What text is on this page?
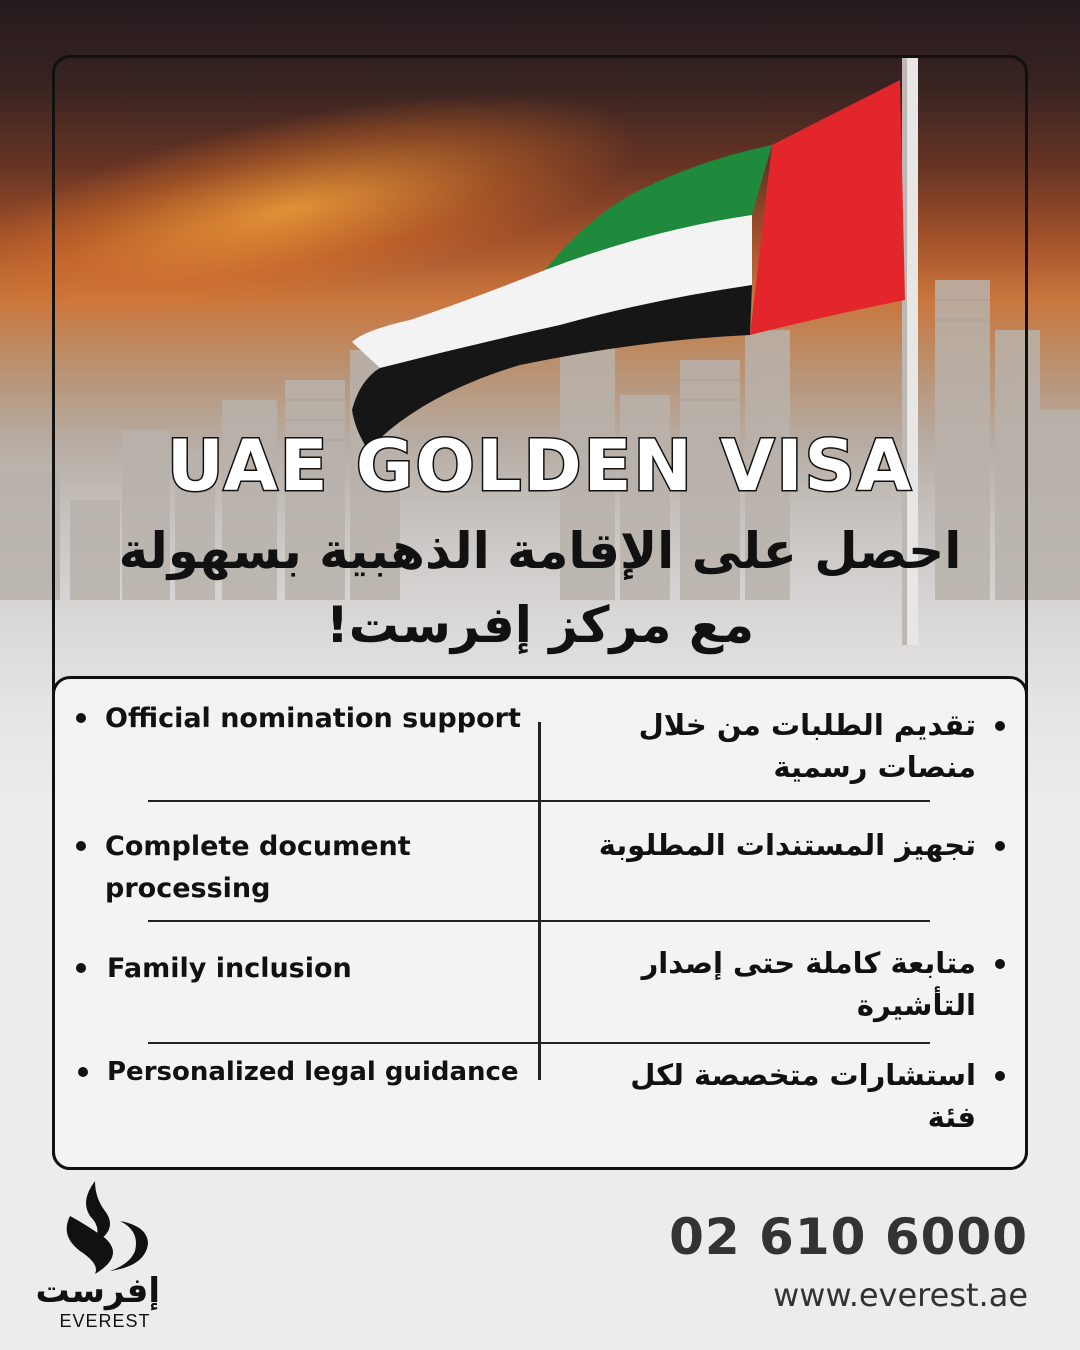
UAE GOLDEN VISA
احصل على الإقامة الذهبية بسهولة
مع مركز إفرست!
Official nomination support
Complete document processing
Family inclusion
Personalized legal guidance
تقديم الطلبات من خلال منصات رسمية
تجهيز المستندات المطلوبة
متابعة كاملة حتى إصدار التأشيرة
استشارات متخصصة لكل فئة
إفرست
EVEREST
02 610 6000
www.everest.ae
